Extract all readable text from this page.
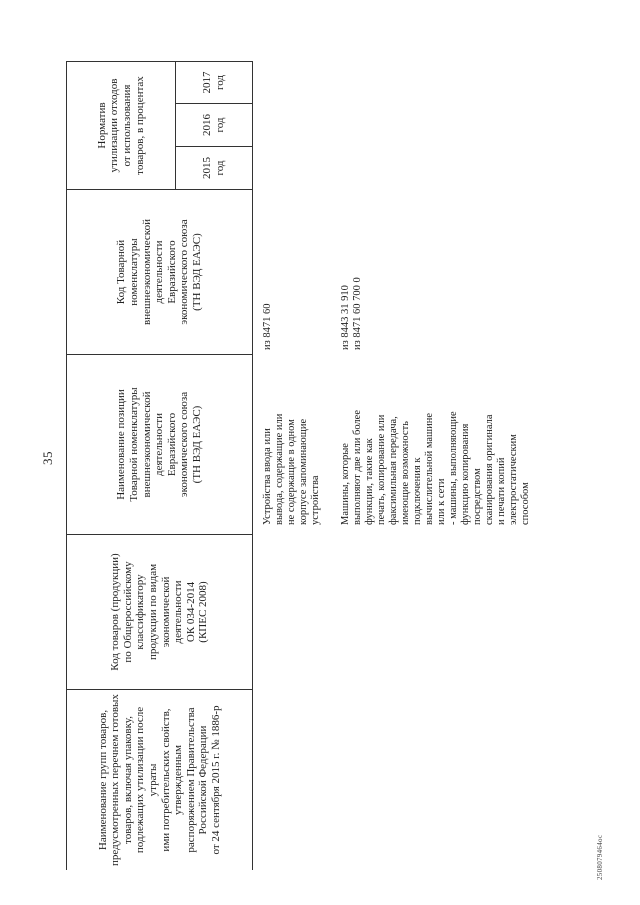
35
Наименование групп товаров,
предусмотренных перечнем готовых
товаров, включая упаковку,
подлежащих утилизации после утраты
ими потребительских свойств,
утвержденным
распоряжением Правительства
Российской Федерации
от 24 сентября 2015 г. № 1886-р
Код товаров (продукции)
по Общероссийскому
классификатору
продукции по видам
экономической
деятельности
ОК 034-2014
(КПЕС 2008)
Наименование позиции
Товарной номенклатуры
внешнеэкономической
деятельности
Евразийского
экономического союза
(ТН ВЭД ЕАЭС)
Код Товарной
номенклатуры
внешнеэкономической
деятельности
Евразийского
экономического союза
(ТН ВЭД ЕАЭС)
Норматив
утилизации отходов
от использования
товаров, в процентах
2015
год
2016
год
2017
год
Устройства ввода или
вывода, содержащие или
не содержащие в одном
корпусе запоминающие
устройства
из 8471 60
Машины, которые
выполняют две или более
функции, такие как
печать, копирование или
факсимильная передача,
имеющие возможность
подключения к
вычислительной машине
или к сети
- машины, выполняющие
функцию копирования
посредством
сканирования оригинала
и печати копий
электростатическим
способом
из 8443 31 910
из 8471 60 700 0
2508079464ос
